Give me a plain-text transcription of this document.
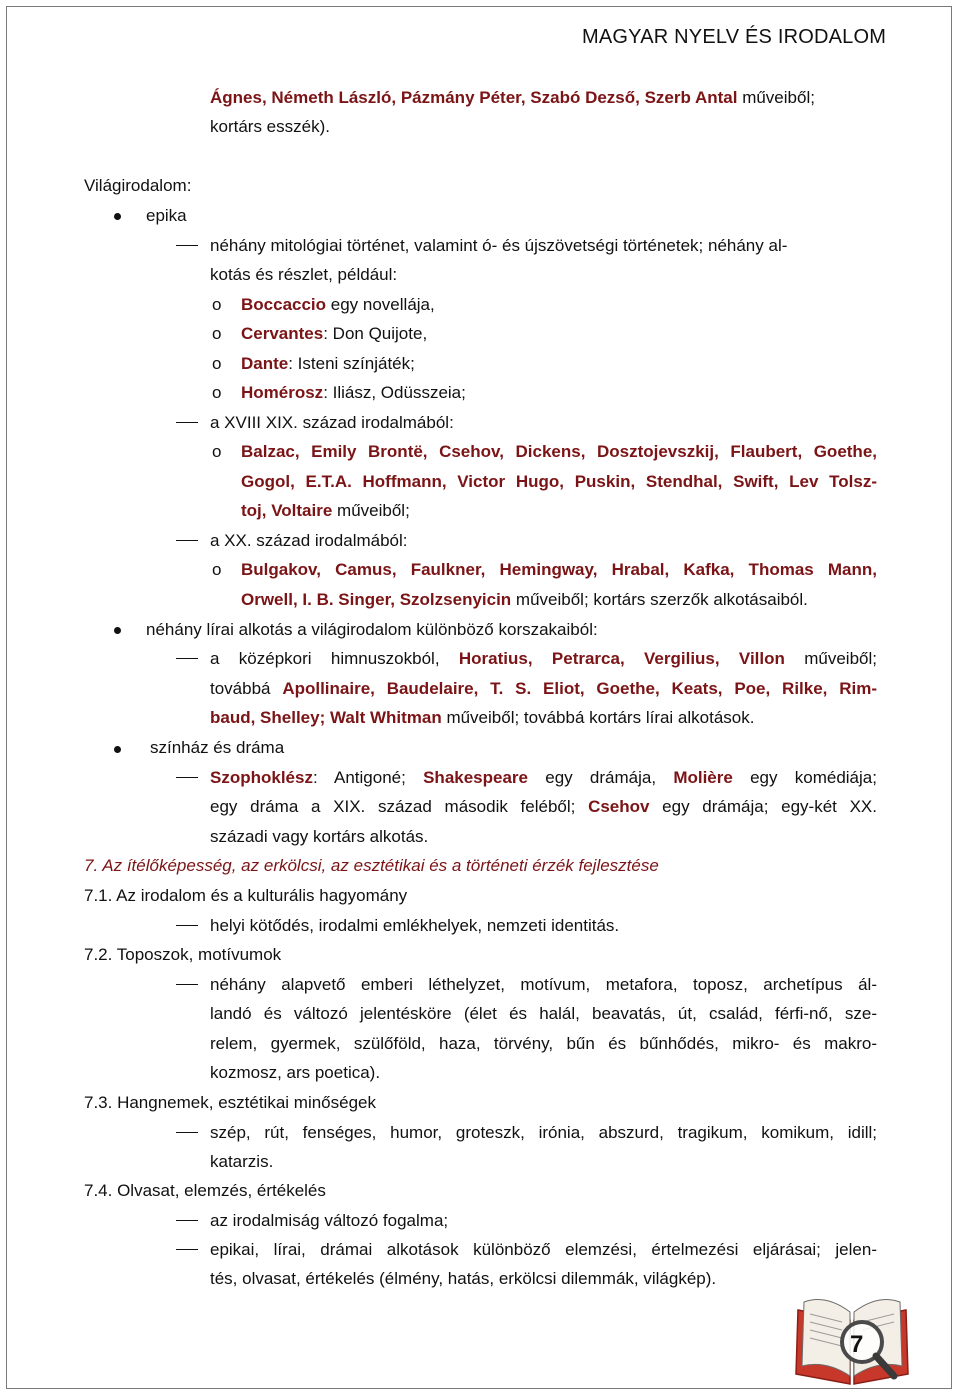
MAGYAR NYELV ÉS IRODALOM
Ágnes, Németh László, Pázmány Péter, Szabó Dezső, Szerb Antal műveiből;
kortárs esszék).
Világirodalom:
epika
néhány mitológiai történet, valamint ó- és újszövetségi történetek; néhány al-
kotás és részlet, például:
o Boccaccio egy novellája,
o Cervantes: Don Quijote,
o Dante: Isteni színjáték;
o Homérosz: Iliász, Odüsszeia;
a XVIII XIX. század irodalmából:
o Balzac, Emily Brontë, Csehov, Dickens, Dosztojevszkij, Flaubert, Goethe,
Gogol, E.T.A. Hoffmann, Victor Hugo, Puskin, Stendhal, Swift, Lev Tolsz-
toj, Voltaire műveiből;
a XX. század irodalmából:
o Bulgakov, Camus, Faulkner, Hemingway, Hrabal, Kafka, Thomas Mann,
Orwell, I. B. Singer, Szolzsenyicin műveiből; kortárs szerzők alkotásaiból.
néhány lírai alkotás a világirodalom különböző korszakaiból:
a középkori himnuszokból, Horatius, Petrarca, Vergilius, Villon műveiből;
továbbá Apollinaire, Baudelaire, T. S. Eliot, Goethe, Keats, Poe, Rilke, Rim-
baud, Shelley; Walt Whitman műveiből; továbbá kortárs lírai alkotások.
színház és dráma
Szophoklész: Antigoné; Shakespeare egy drámája, Molière egy komédiája;
egy dráma a XIX. század második feléből; Csehov egy drámája; egy-két XX.
századi vagy kortárs alkotás.
7. Az ítélőképesség, az erkölcsi, az esztétikai és a történeti érzék fejlesztése
7.1. Az irodalom és a kulturális hagyomány
helyi kötődés, irodalmi emlékhelyek, nemzeti identitás.
7.2. Toposzok, motívumok
néhány alapvető emberi léthelyzet, motívum, metafora, toposz, archetípus ál-
landó és változó jelentésköre (élet és halál, beavatás, út, család, férfi-nő, sze-
relem, gyermek, szülőföld, haza, törvény, bűn és bűnhődés, mikro- és makro-
kozmosz, ars poetica).
7.3. Hangnemek, esztétikai minőségek
szép, rút, fenséges, humor, groteszk, irónia, abszurd, tragikum, komikum, idill;
katarzis.
7.4. Olvasat, elemzés, értékelés
az irodalmiság változó fogalma;
epikai, lírai, drámai alkotások különböző elemzési, értelmezési eljárásai; jelen-
tés, olvasat, értékelés (élmény, hatás, erkölcsi dilemmák, világkép).
7
